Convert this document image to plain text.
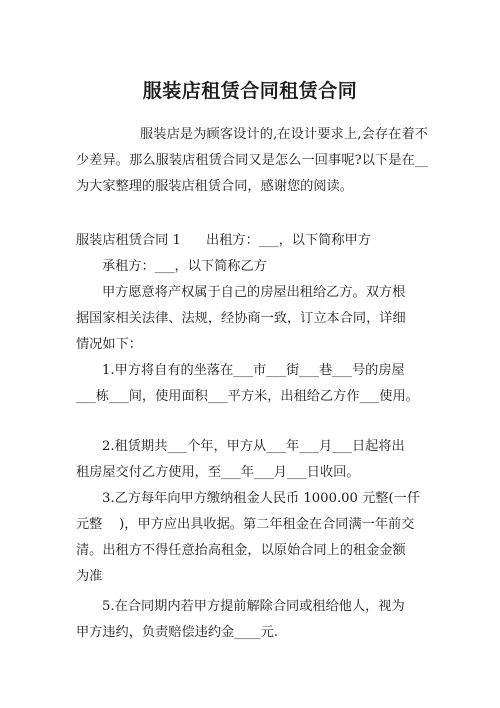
服装店租赁合同租赁合同
服装店是为顾客设计的,在设计要求上,会存在着不少差异。那么服装店租赁合同又是怎么一回事呢?以下是在__为大家整理的服装店租赁合同，感谢您的阅读。
服装店租赁合同 1      出租方：___，以下简称甲方
承租方：___，以下简称乙方
甲方愿意将产权属于自己的房屋出租给乙方。双方根
据国家相关法律、法规，经协商一致，订立本合同，详细
情况如下：
1.甲方将自有的坐落在___市___街___巷___号的房屋
___栋___间，使用面积___平方米，出租给乙方作___使用。
2.租赁期共___个年，甲方从___年___月___日起将出
租房屋交付乙方使用，至___年___月___日收回。
3.乙方每年向甲方缴纳租金人民币 1000.00 元整(一仟
元整    )，甲方应出具收据。第二年租金在合同满一年前交
清。出租方不得任意抬高租金，以原始合同上的租金金额
为准
5.在合同期内若甲方提前解除合同或租给他人，视为
甲方违约，负责赔偿违约金____元.
